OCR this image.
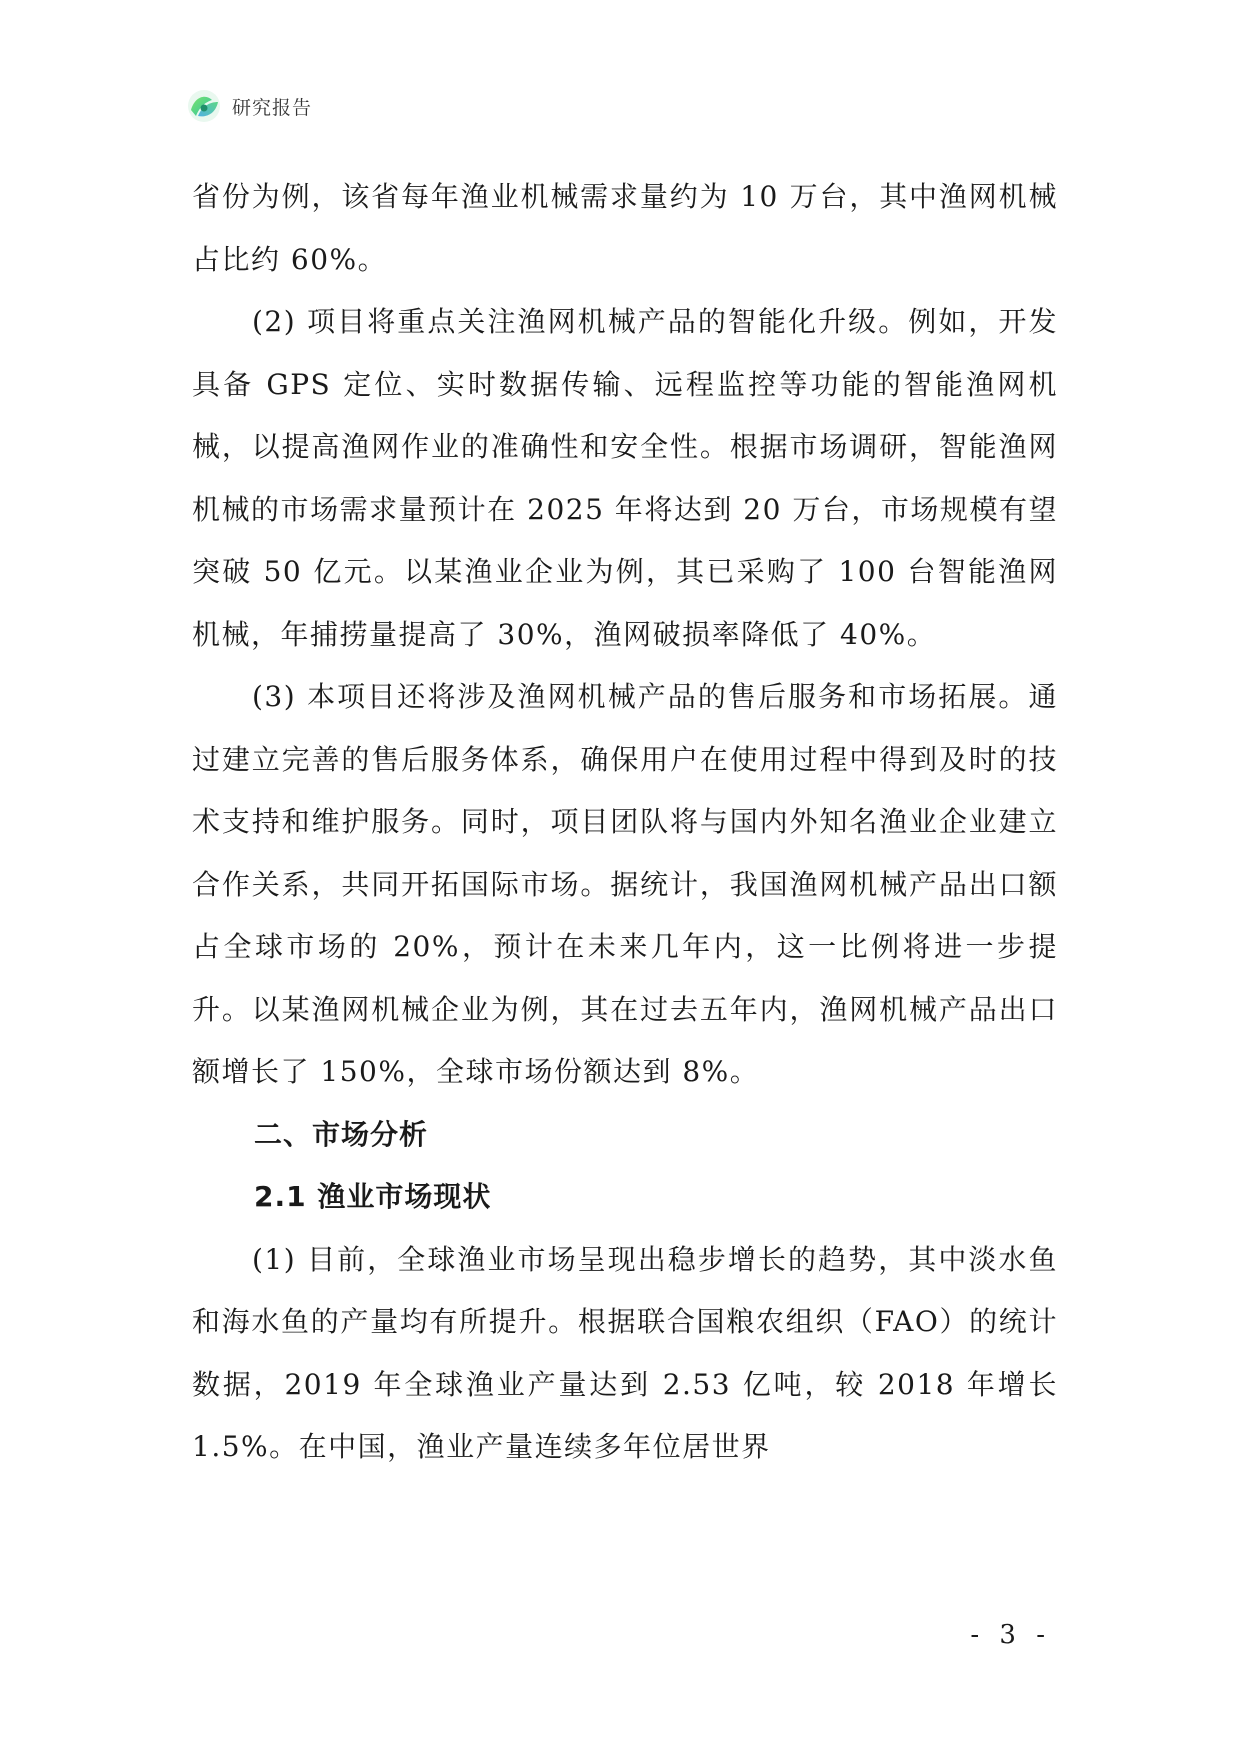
研究报告

省份为例，该省每年渔业机械需求量约为 10 万台，其中渔网机械占比约 60%。

(2) 项目将重点关注渔网机械产品的智能化升级。例如，开发具备 GPS 定位、实时数据传输、远程监控等功能的智能渔网机械，以提高渔网作业的准确性和安全性。根据市场调研，智能渔网机械的市场需求量预计在 2025 年将达到 20 万台，市场规模有望突破 50 亿元。以某渔业企业为例，其已采购了 100 台智能渔网机械，年捕捞量提高了 30%，渔网破损率降低了 40%。

(3) 本项目还将涉及渔网机械产品的售后服务和市场拓展。通过建立完善的售后服务体系，确保用户在使用过程中得到及时的技术支持和维护服务。同时，项目团队将与国内外知名渔业企业建立合作关系，共同开拓国际市场。据统计，我国渔网机械产品出口额占全球市场的 20%，预计在未来几年内，这一比例将进一步提升。以某渔网机械企业为例，其在过去五年内，渔网机械产品出口额增长了 150%，全球市场份额达到 8%。

二、市场分析
2.1 渔业市场现状

(1) 目前，全球渔业市场呈现出稳步增长的趋势，其中淡水鱼和海水鱼的产量均有所提升。根据联合国粮农组织（FAO）的统计数据，2019 年全球渔业产量达到 2.53 亿吨，较 2018 年增长 1.5%。在中国，渔业产量连续多年位居世界

- 3 -
